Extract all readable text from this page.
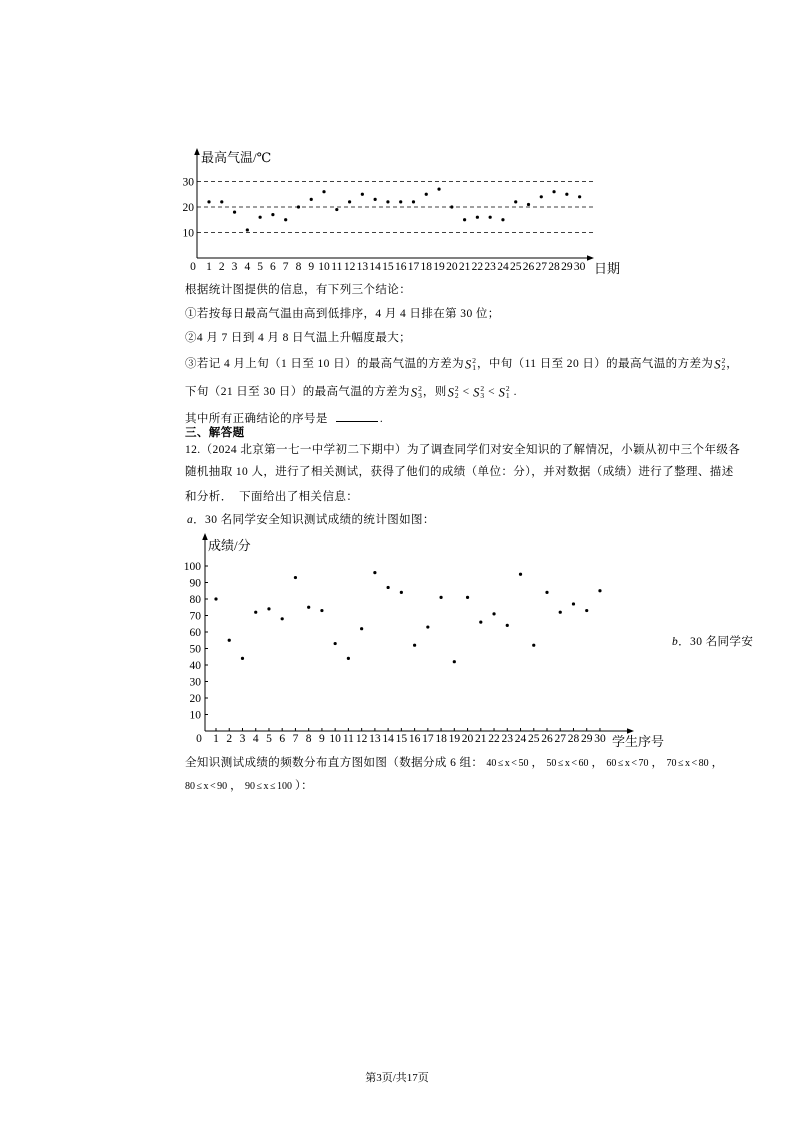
最高气温/℃
日期
10
20
30
0 1 2 3 4 5 6 7 8 9 10 11 12 13 14 15 16 17 18 19 20 21 22 23 24 25 26 27 28 29 30
根据统计图提供的信息，有下列三个结论：
①若按每日最高气温由高到低排序，4 月 4 日排在第 30 位；
②4 月 7 日到 4 月 8 日气温上升幅度最大；
③若记 4 月上旬（1 日至 10 日）的最高气温的方差为S 2
1 ，中旬（11 日至 20 日）的最高气温的方差为S 2
2 ，
下旬（21 日至 30 日）的最高气温的方差为S 2
3 ，则S 2
2 < S 2
3 < S 2
1 .
其中所有正确结论的序号是	.
三、解答题
12.（2024 北京第一七一中学初二下期中）为了调查同学们对安全知识的了解情况，小颖从初中三个年级各
随机抽取 10 人，进行了相关测试，获得了他们的成绩（单位：分），并对数据（成绩）进行了整理、描述
和分析．  下面给出了相关信息：
a．30 名同学安全知识测试成绩的统计图如图：
成绩/分
学生序号
10
20
30
40
50
60
70
80
90
100
0 1 2 3 4 5 6 7 8 9 10 11 12 13 14 15 16 17 18 19 20 21 22 23 24 25 26 27 28 29 30
b．30 名同学安
全知识测试成绩的频数分布直方图如图（数据分成 6 组： 40 ≤ x < 50 ， 50 ≤ x < 60 ， 60 ≤ x < 70 ， 70 ≤ x < 80 ，
80 ≤ x < 90 ， 90 ≤ x ≤ 100 ）：
第3页/共17页
